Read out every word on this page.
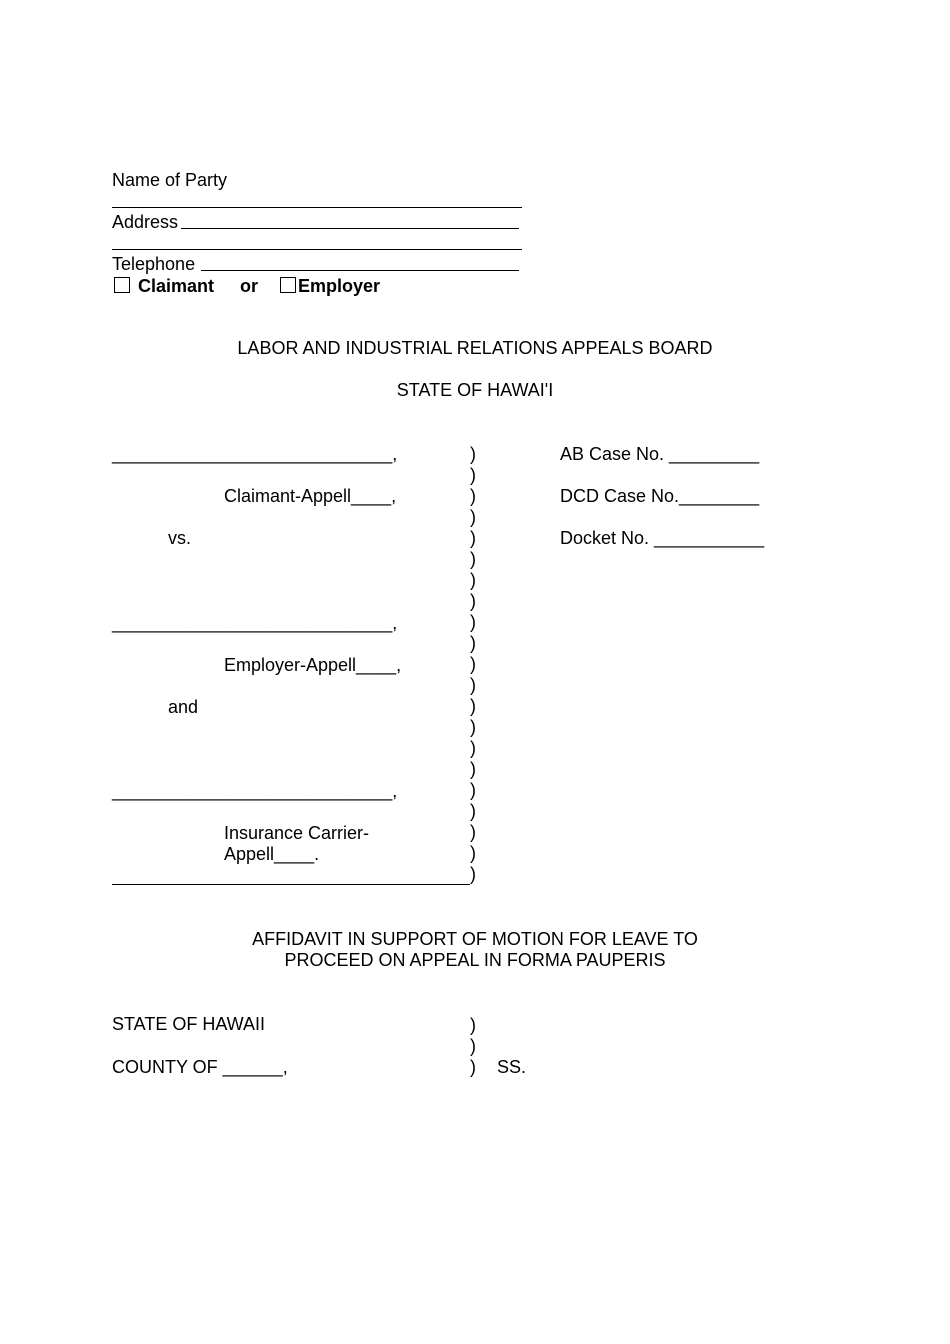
Name of Party
Address
Telephone
Claimant or Employer
LABOR AND INDUSTRIAL RELATIONS APPEALS BOARD
STATE OF HAWAI'I
____________________________,
Claimant-Appell____,
vs.
____________________________,
Employer-Appell____,
and
____________________________,
Insurance Carrier-
Appell____.
)
)
)
)
)
)
)
)
)
)
)
)
)
)
)
)
)
)
)
)
)
AB Case No. _________
DCD Case No.________
Docket No. ___________
AFFIDAVIT IN SUPPORT OF MOTION FOR LEAVE TO
PROCEED ON APPEAL IN FORMA PAUPERIS
STATE OF HAWAII
COUNTY OF ______,
)
)
) SS.
